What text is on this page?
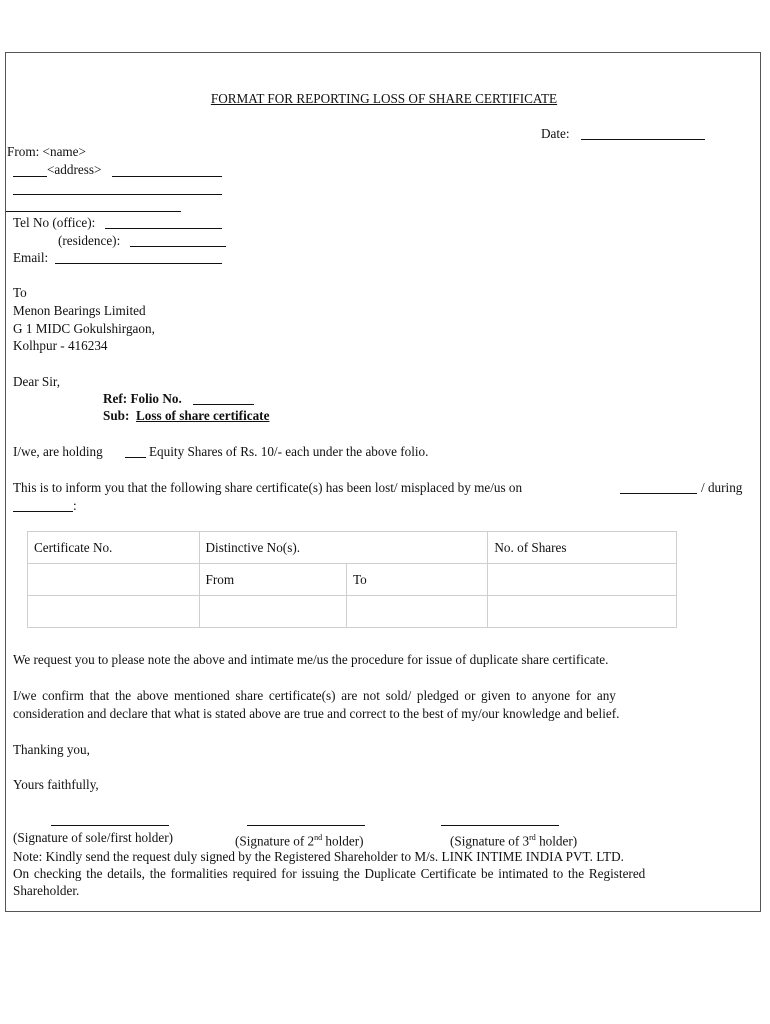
FORMAT FOR REPORTING LOSS OF SHARE CERTIFICATE
Date:
From: <name>
<address>
Tel No (office):
(residence):
Email:
To
Menon Bearings Limited
G 1 MIDC Gokulshirgaon,
Kolhpur - 416234
Dear Sir,
Ref: Folio No.
Sub: Loss of share certificate
I/we, are holding	Equity Shares of Rs. 10/- each under the above folio.
This is to inform you that the following share certificate(s) has been lost/ misplaced by me/us on	/ during
:
Certificate No.	Distinctive No(s).		No. of Shares
	From	To	

We request you to please note the above and intimate me/us the procedure for issue of duplicate share certificate.
I/we confirm that the above mentioned share certificate(s) are not sold/ pledged or given to anyone for any
consideration and declare that what is stated above are true and correct to the best of my/our knowledge and belief.
Thanking you,
Yours faithfully,
(Signature of sole/first holder)	(Signature of 2nd holder)	(Signature of 3rd holder)
Note: Kindly send the request duly signed by the Registered Shareholder to M/s. LINK INTIME INDIA PVT. LTD.
On checking the details, the formalities required for issuing the Duplicate Certificate be intimated to the Registered
Shareholder.
